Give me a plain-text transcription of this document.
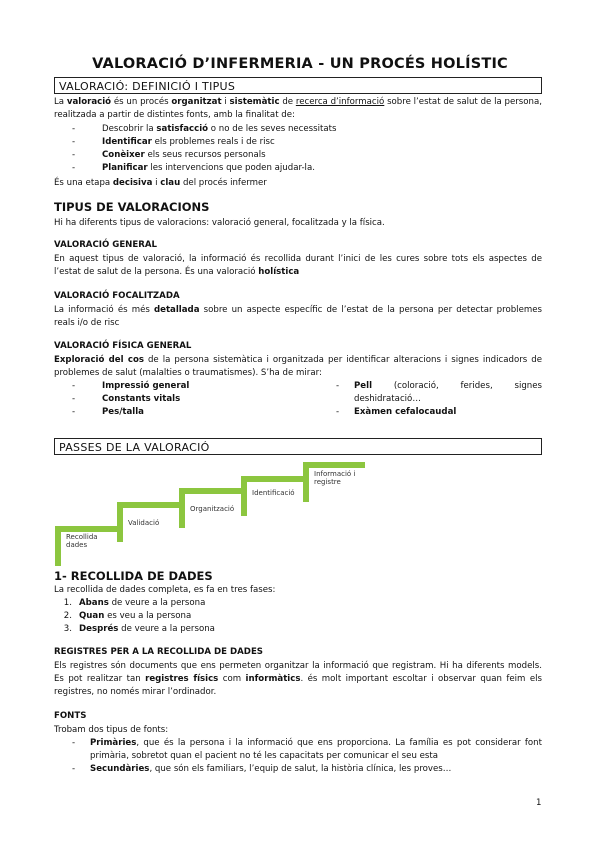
VALORACIÓ D’INFERMERIA - UN PROCÉS HOLÍSTIC
VALORACIÓ: DEFINICIÓ I TIPUS
La valoració és un procés organitzat i sistemàtic de recerca d’informació sobre l’estat de salut de la persona, realitzada a partir de distintes fonts, amb la finalitat de:
-	Descobrir la satisfacció o no de les seves necessitats
-	Identificar els problemes reals i de risc
-	Conèixer els seus recursos personals
-	Planificar les intervencions que poden ajudar-la.
És una etapa decisiva i clau del procés infermer
TIPUS DE VALORACIONS
Hi ha diferents tipus de valoracions: valoració general, focalitzada y la física.
VALORACIÓ GENERAL
En aquest tipus de valoració, la informació és recollida durant l’inici de les cures sobre tots els aspectes de l’estat de salut de la persona. És una valoració holística
VALORACIÓ FOCALITZADA
La informació és més detallada sobre un aspecte específic de l’estat de la persona per detectar problemes reals i/o de risc
VALORACIÓ FÍSICA GENERAL
Exploració del cos de la persona sistemàtica i organitzada per identificar alteracions i signes indicadors de problemes de salut (malalties o traumatismes). S’ha de mirar:
-	Impressió general
-	Constants vitals
-	Pes/talla
-	Pell (coloració, ferides, signes deshidratació…
-	Exàmen cefalocaudal
PASSES DE LA VALORACIÓ
Recollida dades
Validació
Organització
Identificació
Informació i registre
1- RECOLLIDA DE DADES
La recollida de dades completa, es fa en tres fases:
1. Abans de veure a la persona
2. Quan es veu a la persona
3. Després de veure a la persona
REGISTRES PER A LA RECOLLIDA DE DADES
Els registres són documents que ens permeten organitzar la informació que registram. Hi ha diferents models. Es pot realitzar tan registres físics com informàtics. és molt important escoltar i observar quan feim els registres, no només mirar l’ordinador.
FONTS
Trobam dos tipus de fonts:
-	Primàries, que és la persona i la informació que ens proporciona. La família es pot considerar font primària, sobretot quan el pacient no té les capacitats per comunicar el seu esta
-	Secundàries, que són els familiars, l’equip de salut, la història clínica, les proves…
1
